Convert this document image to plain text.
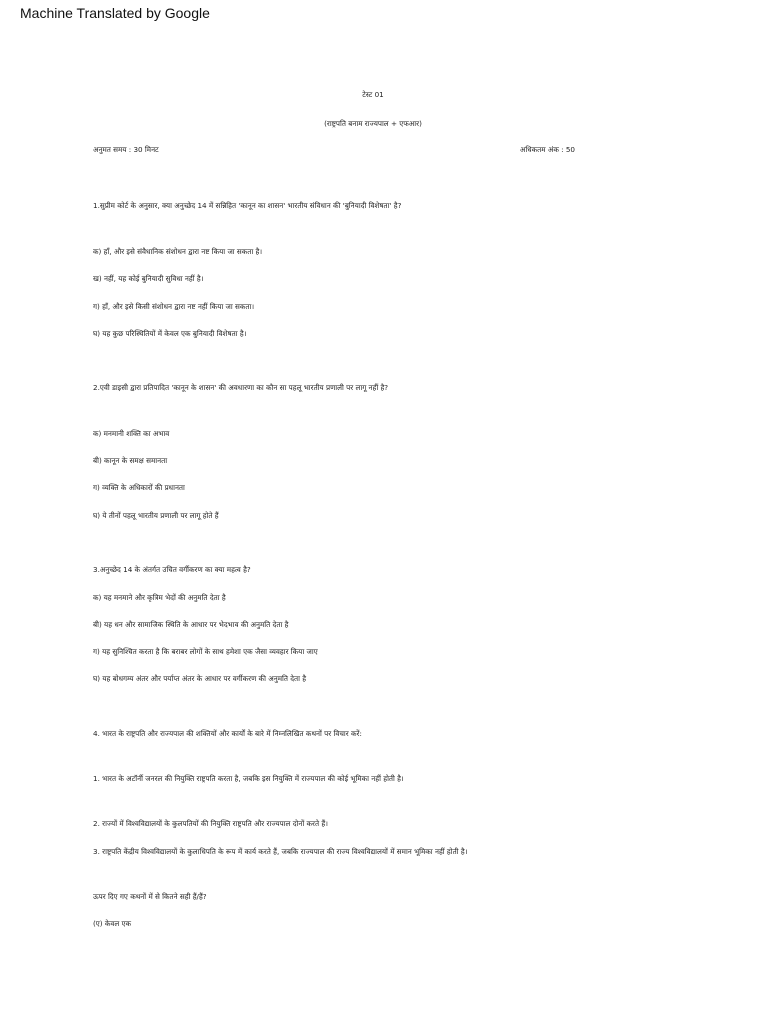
Machine Translated by Google
टेस्ट 01
(राष्ट्रपति बनाम राज्यपाल + एफआर)
अनुमत समय : 30 मिनट	अधिकतम अंक : 50
1.सुप्रीम कोर्ट के अनुसार, क्या अनुच्छेद 14 में सन्निहित 'कानून का शासन' भारतीय संविधान की 'बुनियादी विशेषता' है?
क) हाँ, और इसे संवैधानिक संशोधन द्वारा नष्ट किया जा सकता है।
ख) नहीं, यह कोई बुनियादी सुविधा नहीं है।
ग) हाँ, और इसे किसी संशोधन द्वारा नष्ट नहीं किया जा सकता।
घ) यह कुछ परिस्थितियों में केवल एक बुनियादी विशेषता है।
2.एवी डाइसी द्वारा प्रतिपादित 'कानून के शासन' की अवधारणा का कौन सा पहलू भारतीय प्रणाली पर लागू नहीं है?
क) मनमानी शक्ति का अभाव
बी) कानून के समक्ष समानता
ग) व्यक्ति के अधिकारों की प्रधानता
घ) ये तीनों पहलू भारतीय प्रणाली पर लागू होते हैं
3.अनुच्छेद 14 के अंतर्गत उचित वर्गीकरण का क्या महत्व है?
क) यह मनमाने और कृत्रिम भेदों की अनुमति देता है
बी) यह धन और सामाजिक स्थिति के आधार पर भेदभाव की अनुमति देता है
ग) यह सुनिश्चित करता है कि बराबर लोगों के साथ हमेशा एक जैसा व्यवहार किया जाए
घ) यह बोधगम्य अंतर और पर्याप्त अंतर के आधार पर वर्गीकरण की अनुमति देता है
4. भारत के राष्ट्रपति और राज्यपाल की शक्तियों और कार्यों के बारे में निम्नलिखित कथनों पर विचार करें:
1. भारत के अटॉर्नी जनरल की नियुक्ति राष्ट्रपति करता है, जबकि इस नियुक्ति में राज्यपाल की कोई भूमिका नहीं होती है।
2. राज्यों में विश्वविद्यालयों के कुलपतियों की नियुक्ति राष्ट्रपति और राज्यपाल दोनों करते हैं।
3. राष्ट्रपति केंद्रीय विश्वविद्यालयों के कुलाधिपति के रूप में कार्य करते हैं, जबकि राज्यपाल की राज्य विश्वविद्यालयों में समान भूमिका नहीं होती है।
ऊपर दिए गए कथनों में से कितने सही हैं/हैं?
(ए) केवल एक
